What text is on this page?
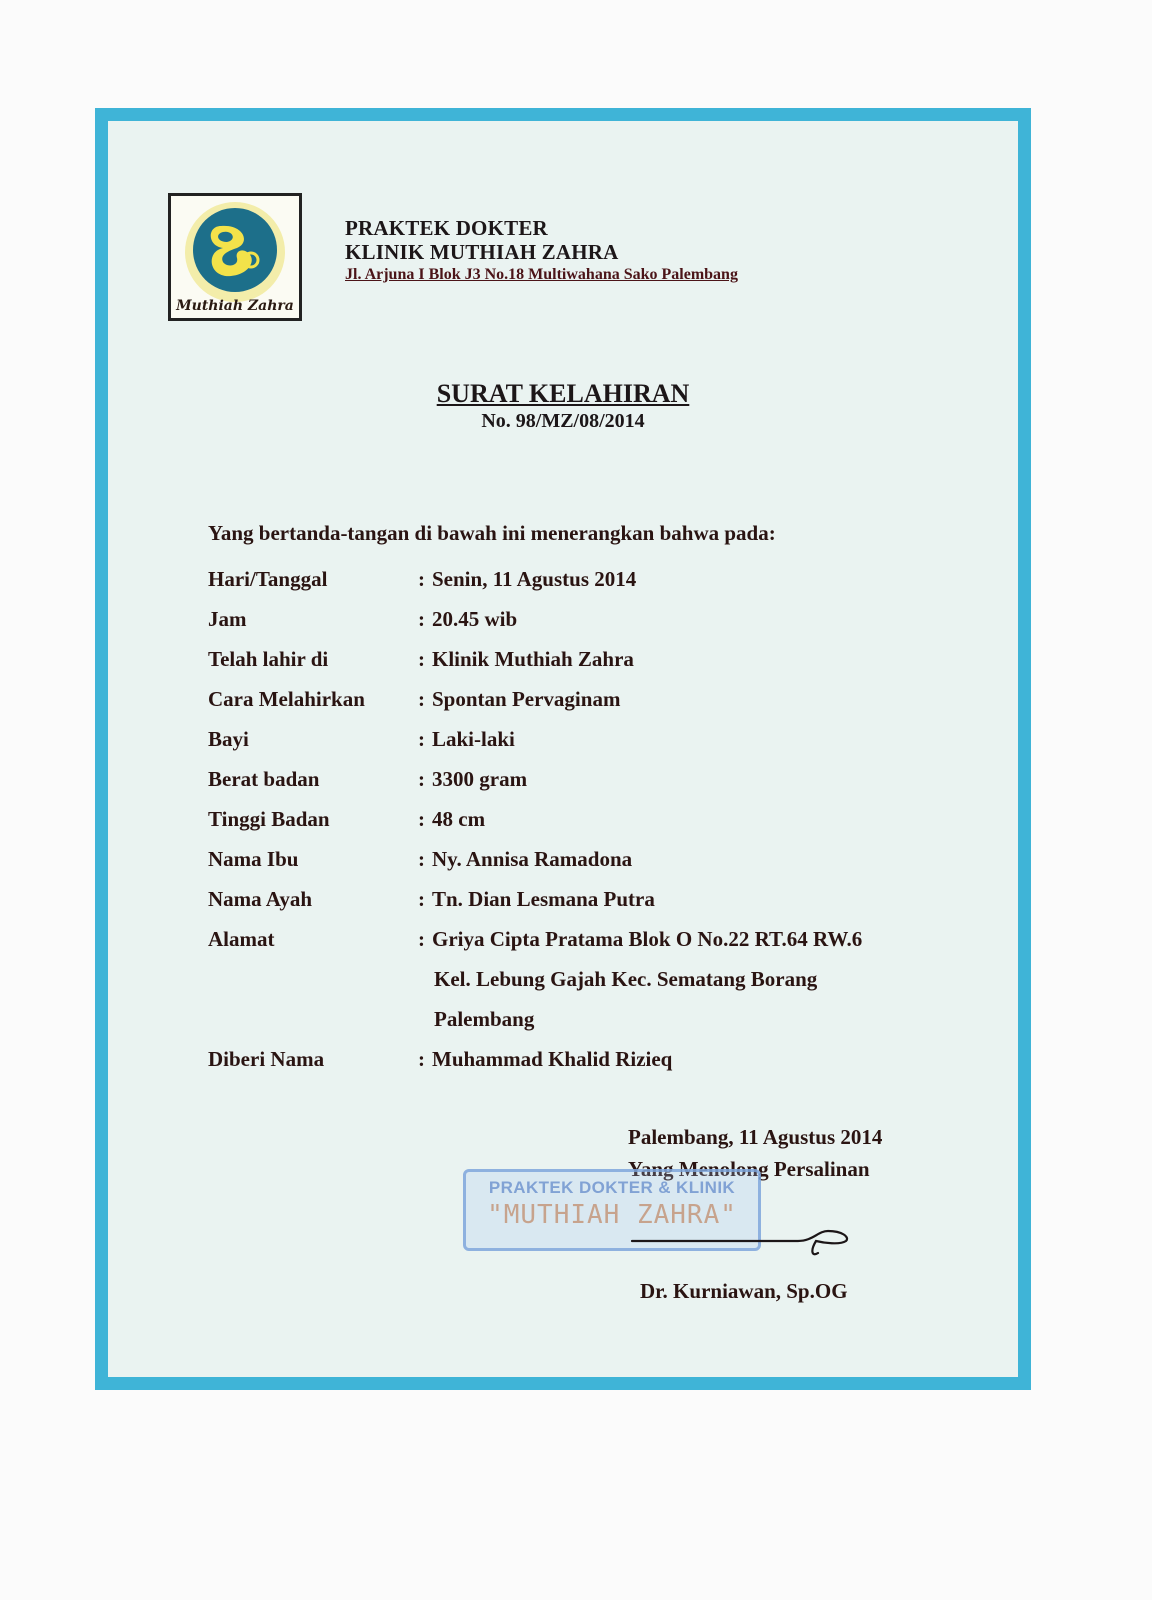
Muthiah Zahra
PRAKTEK DOKTER
KLINIK MUTHIAH ZAHRA
Jl. Arjuna I Blok J3 No.18 Multiwahana Sako Palembang
SURAT KELAHIRAN
No. 98/MZ/08/2014
Yang bertanda-tangan di bawah ini menerangkan bahwa pada:
Hari/Tanggal	: Senin, 11 Agustus 2014
Jam	: 20.45 wib
Telah lahir di	: Klinik Muthiah Zahra
Cara Melahirkan	: Spontan Pervaginam
Bayi	: Laki-laki
Berat badan	: 3300 gram
Tinggi Badan	: 48 cm
Nama Ibu	: Ny. Annisa Ramadona
Nama Ayah	: Tn. Dian Lesmana Putra
Alamat	: Griya Cipta Pratama Blok O No.22 RT.64 RW.6
Kel. Lebung Gajah Kec. Sematang Borang
Palembang
Diberi Nama	: Muhammad Khalid Rizieq
Palembang, 11 Agustus 2014
Yang Menolong Persalinan
PRAKTEK DOKTER & KLINIK
"MUTHIAH ZAHRA"
Dr. Kurniawan, Sp.OG
